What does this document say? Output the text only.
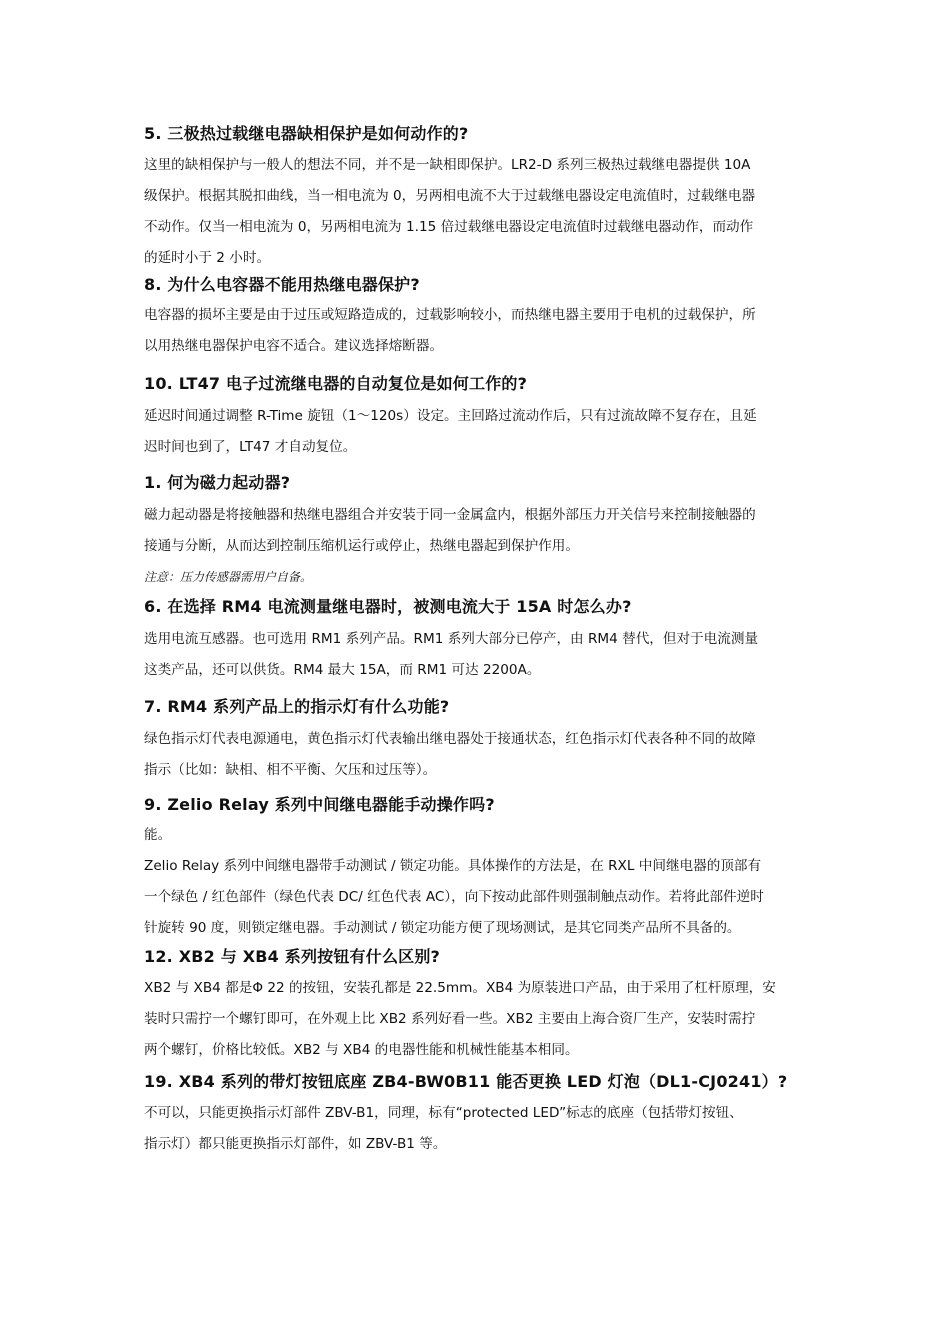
5. 三极热过载继电器缺相保护是如何动作的?
这里的缺相保护与一般人的想法不同，并不是一缺相即保护。LR2-D 系列三极热过载继电器提供 10A
级保护。根据其脱扣曲线，当一相电流为 0，另两相电流不大于过载继电器设定电流值时，过载继电器
不动作。仅当一相电流为 0，另两相电流为 1.15 倍过载继电器设定电流值时过载继电器动作，而动作
的延时小于 2 小时。
8. 为什么电容器不能用热继电器保护?
电容器的损坏主要是由于过压或短路造成的，过载影响较小，而热继电器主要用于电机的过载保护，所
以用热继电器保护电容不适合。建议选择熔断器。
10. LT47 电子过流继电器的自动复位是如何工作的?
延迟时间通过调整 R-Time 旋钮（1～120s）设定。主回路过流动作后，只有过流故障不复存在，且延
迟时间也到了，LT47 才自动复位。
1. 何为磁力起动器?
磁力起动器是将接触器和热继电器组合并安装于同一金属盒内，根据外部压力开关信号来控制接触器的
接通与分断，从而达到控制压缩机运行或停止，热继电器起到保护作用。
注意：压力传感器需用户自备。
6. 在选择 RM4 电流测量继电器时，被测电流大于 15A 时怎么办?
选用电流互感器。也可选用 RM1 系列产品。RM1 系列大部分已停产，由 RM4 替代，但对于电流测量
这类产品，还可以供货。RM4 最大 15A，而 RM1 可达 2200A。
7. RM4 系列产品上的指示灯有什么功能?
绿色指示灯代表电源通电，黄色指示灯代表输出继电器处于接通状态，红色指示灯代表各种不同的故障
指示（比如：缺相、相不平衡、欠压和过压等）。
9. Zelio Relay 系列中间继电器能手动操作吗?
能。
Zelio Relay 系列中间继电器带手动测试 / 锁定功能。具体操作的方法是，在 RXL 中间继电器的顶部有
一个绿色 / 红色部件（绿色代表 DC/ 红色代表 AC），向下按动此部件则强制触点动作。若将此部件逆时
针旋转 90 度，则锁定继电器。手动测试 / 锁定功能方便了现场测试，是其它同类产品所不具备的。
12. XB2 与 XB4 系列按钮有什么区别?
XB2 与 XB4 都是Φ 22 的按钮，安装孔都是 22.5mm。XB4 为原装进口产品，由于采用了杠杆原理，安
装时只需拧一个螺钉即可，在外观上比 XB2 系列好看一些。XB2 主要由上海合资厂生产，安装时需拧
两个螺钉，价格比较低。XB2 与 XB4 的电器性能和机械性能基本相同。
19. XB4 系列的带灯按钮底座 ZB4-BW0B11 能否更换 LED 灯泡（DL1-CJ0241）?
不可以，只能更换指示灯部件 ZBV-B1，同理，标有“protected LED”标志的底座（包括带灯按钮、
指示灯）都只能更换指示灯部件，如 ZBV-B1 等。
